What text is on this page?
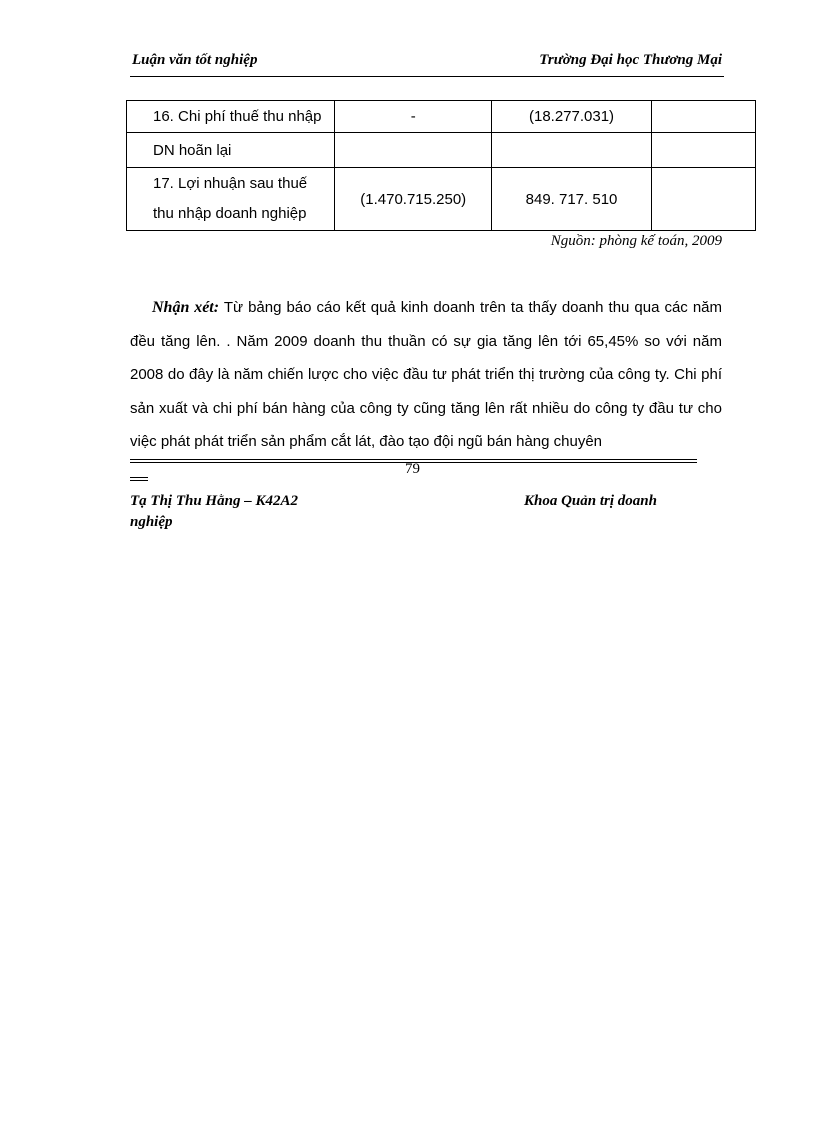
Luận văn tốt nghiệp	Trường Đại học Thương Mại
16. Chi phí thuế thu nhập	-	(18.277.031)	
DN hoãn lại			

17. Lợi nhuận sau thuế
thu nhập doanh nghiệp	(1.470.715.250)	849. 717. 510	
Nguồn: phòng kế toán, 2009
Nhận xét: Từ bảng báo cáo kết quả kinh doanh trên ta thấy doanh thu qua các năm đều tăng lên. . Năm 2009 doanh thu thuần có sự gia tăng lên tới 65,45% so với năm 2008 do đây là năm chiến lược cho việc đầu tư phát triển thị trường của công ty. Chi phí sản xuất và chi phí bán hàng của công ty cũng tăng lên rất nhiều do công ty đầu tư cho việc phát phát triển sản phẩm cắt lát, đào tạo đội ngũ bán hàng chuyên
79
Tạ Thị Thu Hằng – K42A2	Khoa Quản trị doanh
nghiệp
